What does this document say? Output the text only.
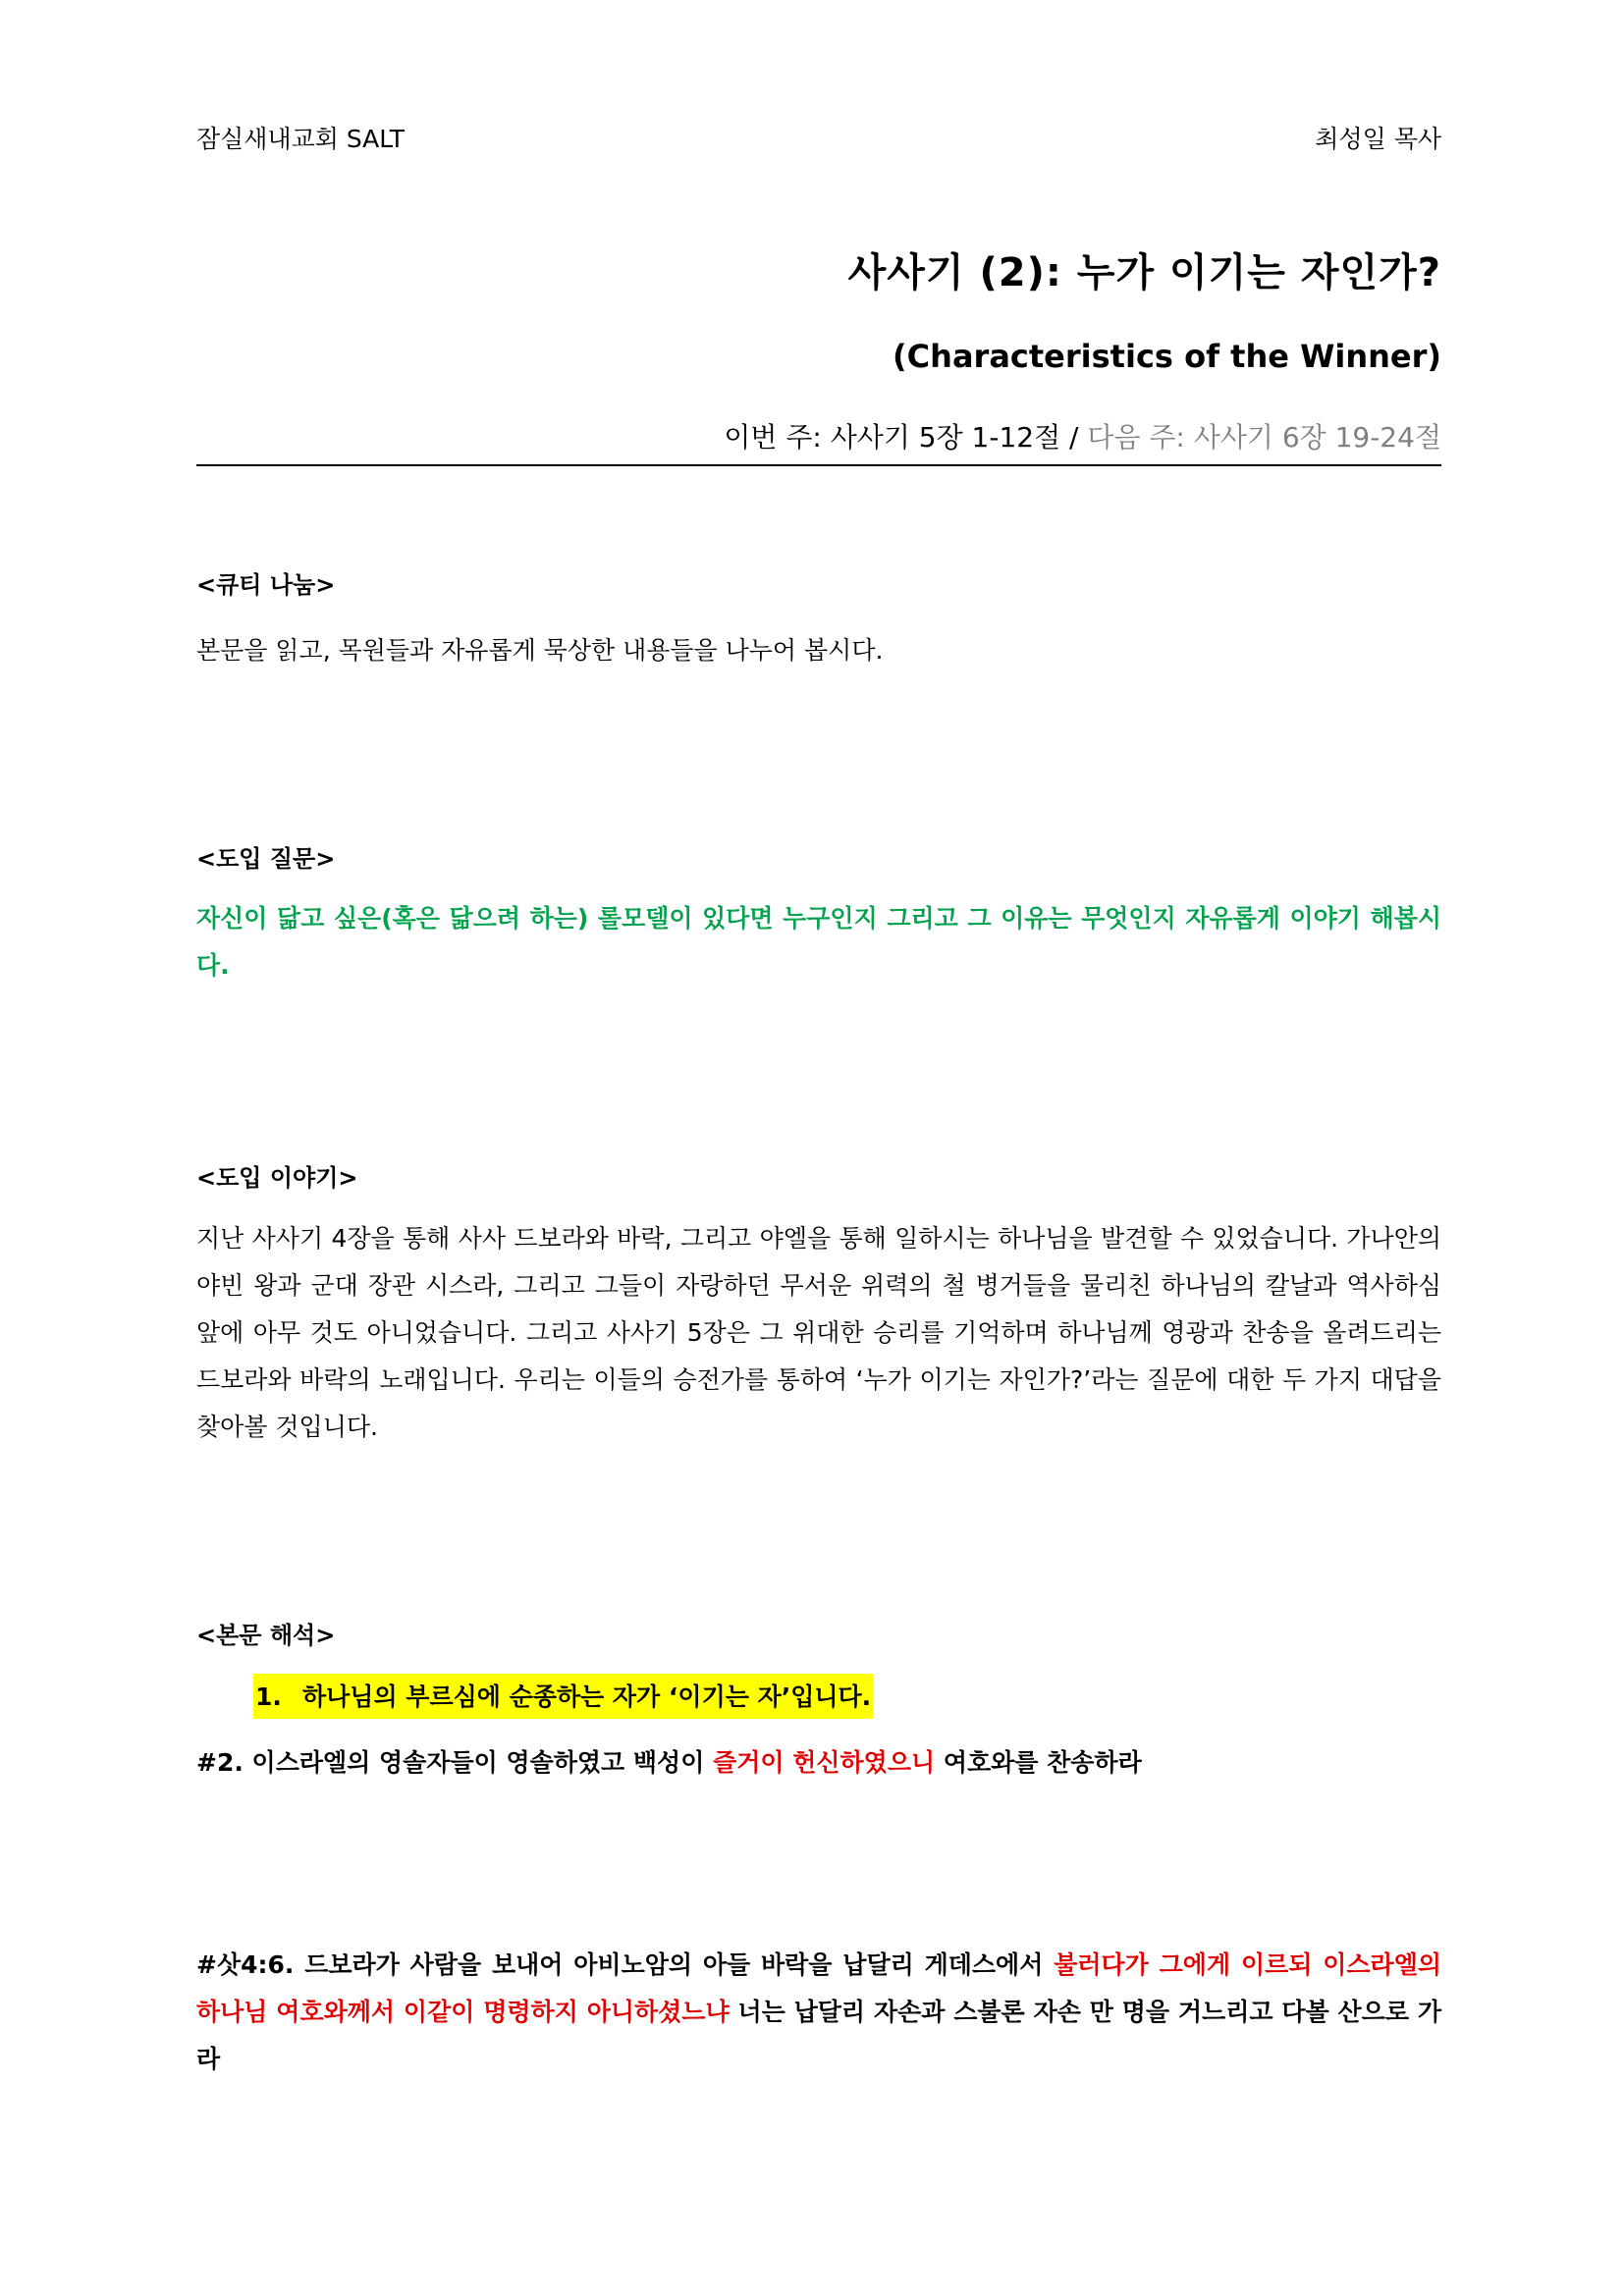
잠실새내교회 SALT	최성일 목사
사사기 (2): 누가 이기는 자인가?
(Characteristics of the Winner)
이번 주: 사사기 5장 1-12절 / 다음 주: 사사기 6장 19-24절
<큐티 나눔>
본문을 읽고, 목원들과 자유롭게 묵상한 내용들을 나누어 봅시다.
<도입 질문>
자신이 닮고 싶은(혹은 닮으려 하는) 롤모델이 있다면 누구인지 그리고 그 이유는 무엇인지 자유롭게 이야기 해봅시다.
<도입 이야기>
지난 사사기 4장을 통해 사사 드보라와 바락, 그리고 야엘을 통해 일하시는 하나님을 발견할 수 있었습니다. 가나안의 야빈 왕과 군대 장관 시스라, 그리고 그들이 자랑하던 무서운 위력의 철 병거들을 물리친 하나님의 칼날과 역사하심 앞에 아무 것도 아니었습니다. 그리고 사사기 5장은 그 위대한 승리를 기억하며 하나님께 영광과 찬송을 올려드리는 드보라와 바락의 노래입니다. 우리는 이들의 승전가를 통하여 ‘누가 이기는 자인가?’라는 질문에 대한 두 가지 대답을 찾아볼 것입니다.
<본문 해석>
1. 하나님의 부르심에 순종하는 자가 ‘이기는 자’입니다.
#2. 이스라엘의 영솔자들이 영솔하였고 백성이 즐거이 헌신하였으니 여호와를 찬송하라
#삿4:6. 드보라가 사람을 보내어 아비노암의 아들 바락을 납달리 게데스에서 불러다가 그에게 이르되 이스라엘의 하나님 여호와께서 이같이 명령하지 아니하셨느냐 너는 납달리 자손과 스불론 자손 만 명을 거느리고 다볼 산으로 가라
